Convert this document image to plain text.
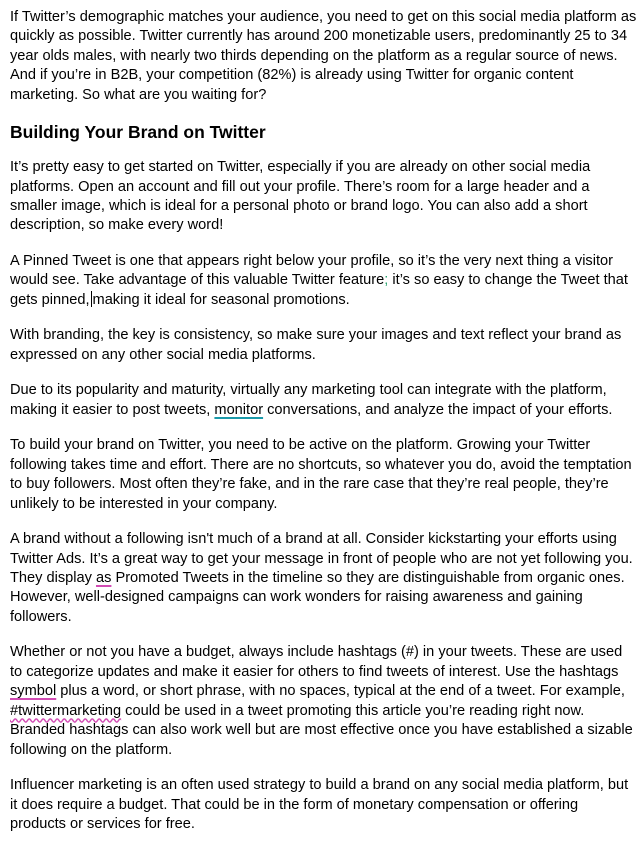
If Twitter’s demographic matches your audience, you need to get on this social media platform as quickly as possible. Twitter currently has around 200 monetizable users, predominantly 25 to 34 year olds males, with nearly two thirds depending on the platform as a regular source of news. And if you’re in B2B, your competition (82%) is already using Twitter for organic content marketing. So what are you waiting for?

Building Your Brand on Twitter

It’s pretty easy to get started on Twitter, especially if you are already on other social media platforms. Open an account and fill out your profile. There’s room for a large header and a smaller image, which is ideal for a personal photo or brand logo. You can also add a short description, so make every word!

A Pinned Tweet is one that appears right below your profile, so it’s the very next thing a visitor would see. Take advantage of this valuable Twitter feature; it’s so easy to change the Tweet that gets pinned, making it ideal for seasonal promotions.

With branding, the key is consistency, so make sure your images and text reflect your brand as expressed on any other social media platforms.

Due to its popularity and maturity, virtually any marketing tool can integrate with the platform, making it easier to post tweets, monitor conversations, and analyze the impact of your efforts.

To build your brand on Twitter, you need to be active on the platform. Growing your Twitter following takes time and effort. There are no shortcuts, so whatever you do, avoid the temptation to buy followers. Most often they’re fake, and in the rare case that they’re real people, they’re unlikely to be interested in your company.

A brand without a following isn't much of a brand at all. Consider kickstarting your efforts using Twitter Ads. It’s a great way to get your message in front of people who are not yet following you. They display as Promoted Tweets in the timeline so they are distinguishable from organic ones. However, well-designed campaigns can work wonders for raising awareness and gaining followers.

Whether or not you have a budget, always include hashtags (#) in your tweets. These are used to categorize updates and make it easier for others to find tweets of interest. Use the hashtags symbol plus a word, or short phrase, with no spaces, typical at the end of a tweet. For example, #twittermarketing could be used in a tweet promoting this article you’re reading right now. Branded hashtags can also work well but are most effective once you have established a sizable following on the platform.

Influencer marketing is an often used strategy to build a brand on any social media platform, but it does require a budget. That could be in the form of monetary compensation or offering products or services for free.
